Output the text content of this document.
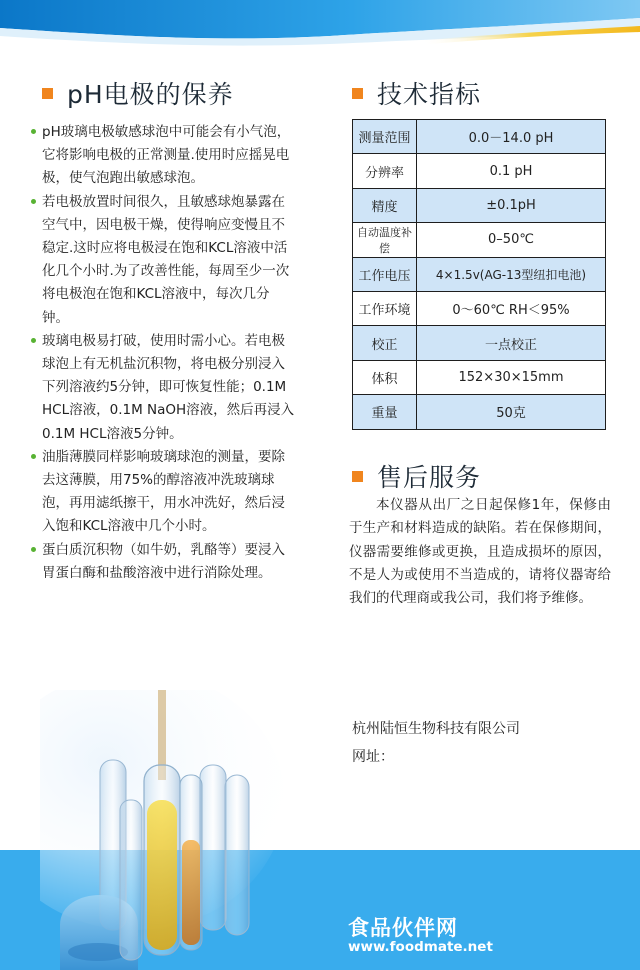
pH电极的保养
pH玻璃电极敏感球泡中可能会有小气泡，它将影响电极的正常测量.使用时应摇晃电极，使气泡跑出敏感球泡。
若电极放置时间很久，且敏感球炮暴露在空气中，因电极干燥，使得响应变慢且不稳定.这时应将电极浸在饱和KCL溶液中活化几个小时.为了改善性能，每周至少一次将电极泡在饱和KCL溶液中，每次几分钟。
玻璃电极易打破，使用时需小心。若电极球泡上有无机盐沉积物，将电极分别浸入下列溶液约5分钟，即可恢复性能；0.1M HCL溶液，0.1M NaOH溶液，然后再浸入0.1M HCL溶液5分钟。
油脂薄膜同样影响玻璃球泡的测量，要除去这薄膜，用75%的醇溶液冲洗玻璃球泡，再用滤纸擦干，用水冲洗好，然后浸入饱和KCL溶液中几个小时。
蛋白质沉积物（如牛奶，乳酪等）要浸入胃蛋白酶和盐酸溶液中进行消除处理。
技术指标
测量范围	0.0－14.0 pH
分辨率	0.1 pH
精度	±0.1pH
自动温度补偿	0–50℃
工作电压	4×1.5v(AG-13型纽扣电池)
工作环境	0～60℃ RH＜95%
校正	一点校正
体积	152×30×15mm
重量	50克
售后服务

本仪器从出厂之日起保修1年，保修由于生产和材料造成的缺陷。若在保修期间，仪器需要维修或更换，且造成损坏的原因，不是人为或使用不当造成的，请将仪器寄给我们的代理商或我公司，我们将予维修。

杭州陆恒生物科技有限公司
网址：
食品伙伴网
www.foodmate.net
